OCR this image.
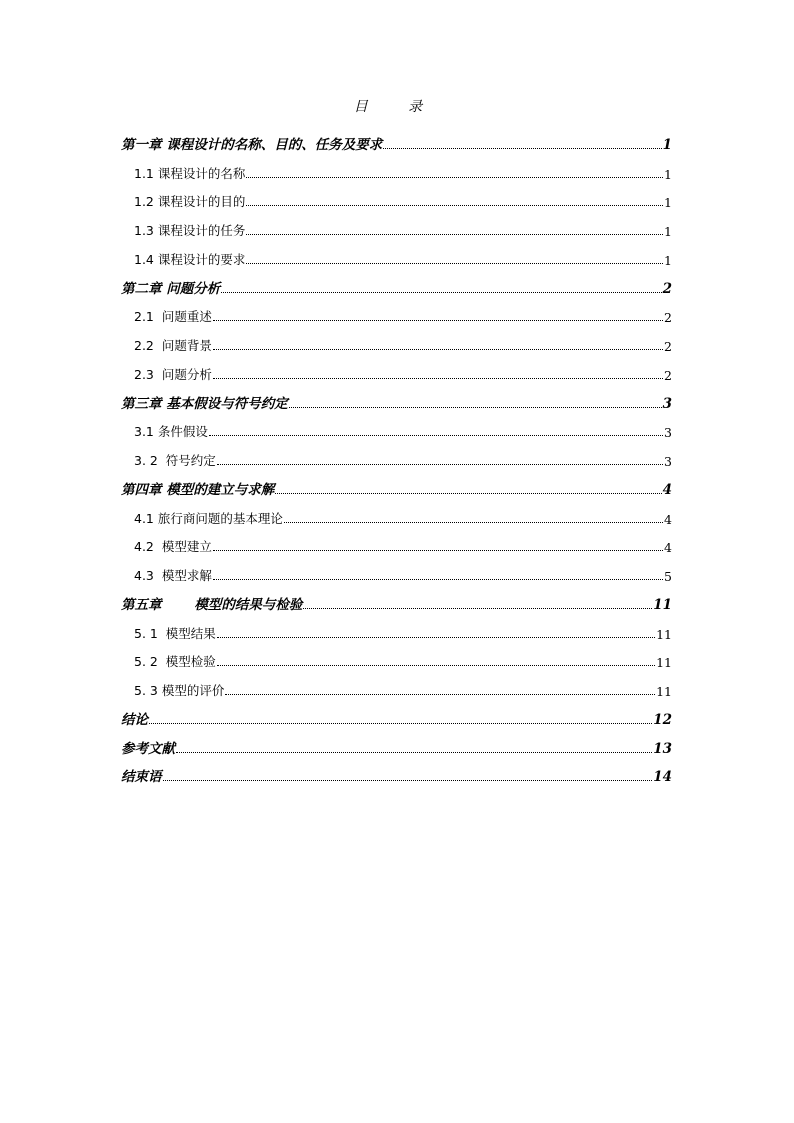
目 录
第一章 课程设计的名称、目的、任务及要求	1
1.1 课程设计的名称	1
1.2 课程设计的目的	1
1.3 课程设计的任务	1
1.4 课程设计的要求	1
第二章 问题分析	2
2.1  问题重述	2
2.2  问题背景	2
2.3  问题分析	2
第三章 基本假设与符号约定	3
3.1 条件假设	3
3. 2  符号约定	3
第四章 模型的建立与求解	4
4.1 旅行商问题的基本理论	4
4.2  模型建立	4
4.3  模型求解	5
第五章       模型的结果与检验	11
5. 1  模型结果	11
5. 2  模型检验	11
5. 3 模型的评价	11
结论	12
参考文献	13
结束语	14
